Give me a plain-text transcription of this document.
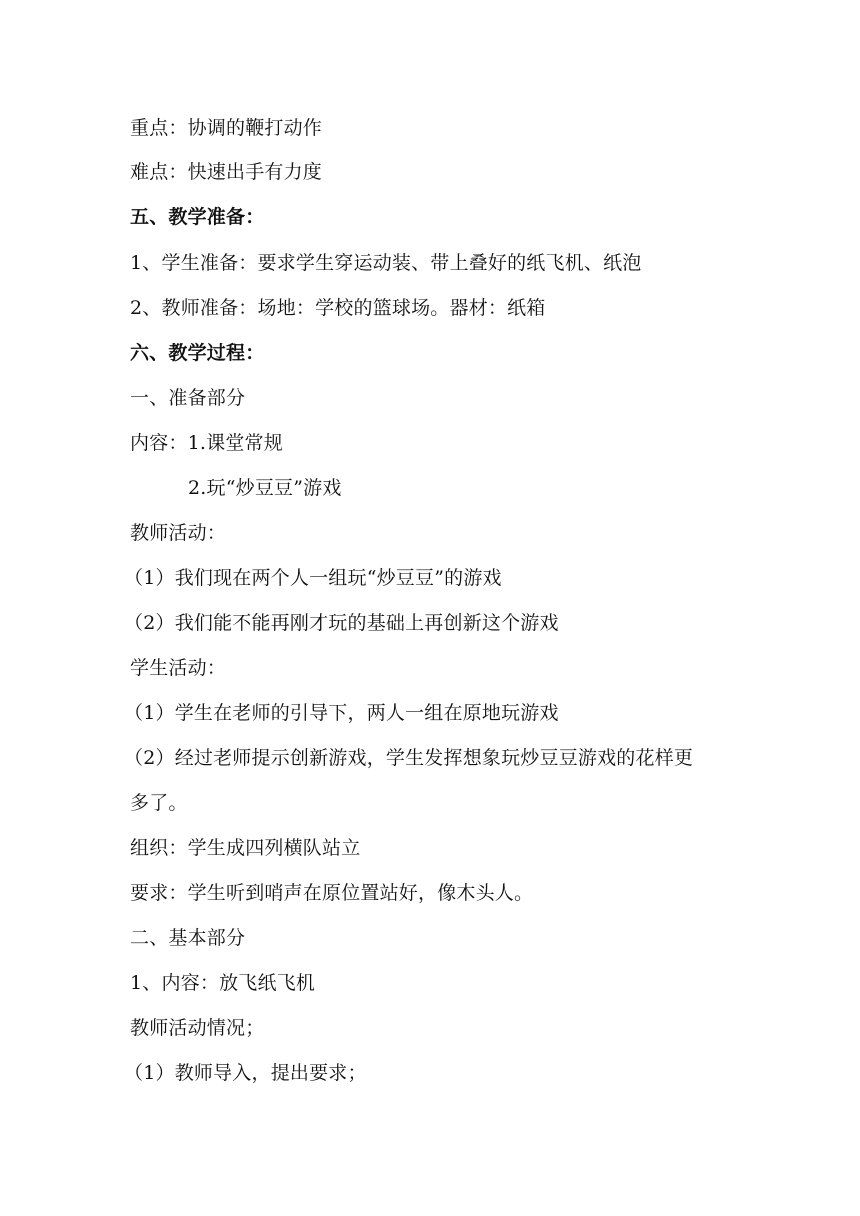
重点：协调的鞭打动作
难点：快速出手有力度
五、教学准备：
1、学生准备：要求学生穿运动装、带上叠好的纸飞机、纸泡
2、教师准备：场地：学校的篮球场。器材：纸箱
六、教学过程：
一、准备部分
内容：1.课堂常规
2.玩“炒豆豆”游戏
教师活动：
（1）我们现在两个人一组玩“炒豆豆”的游戏
（2）我们能不能再刚才玩的基础上再创新这个游戏
学生活动：
（1）学生在老师的引导下，两人一组在原地玩游戏
（2）经过老师提示创新游戏，学生发挥想象玩炒豆豆游戏的花样更
多了。
组织：学生成四列横队站立
要求：学生听到哨声在原位置站好，像木头人。
二、基本部分
1、内容：放飞纸飞机
教师活动情况；
（1）教师导入，提出要求；
